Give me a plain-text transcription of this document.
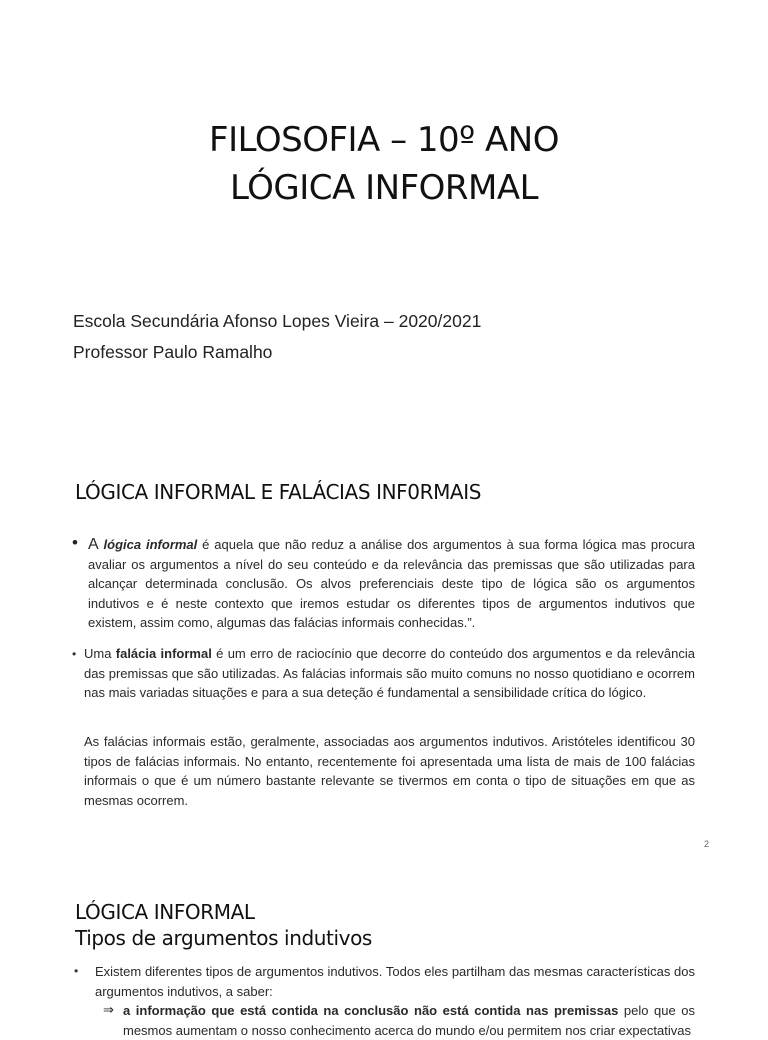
FILOSOFIA – 10º ANO
LÓGICA INFORMAL
Escola Secundária Afonso Lopes Vieira – 2020/2021
Professor Paulo Ramalho
LÓGICA INFORMAL E FALÁCIAS INF0RMAIS
• A lógica informal é aquela que não reduz a análise dos argumentos à sua forma lógica mas procura avaliar os argumentos a nível do seu conteúdo e da relevância das premissas que são utilizadas para alcançar determinada conclusão. Os alvos preferenciais deste tipo de lógica são os argumentos indutivos e é neste contexto que iremos estudar os diferentes tipos de argumentos indutivos que existem, assim como, algumas das falácias informais conhecidas.”.
• Uma falácia informal é um erro de raciocínio que decorre do conteúdo dos argumentos e da relevância das premissas que são utilizadas. As falácias informais são muito comuns no nosso quotidiano e ocorrem nas mais variadas situações e para a sua deteção é fundamental a sensibilidade crítica do lógico.
As falácias informais estão, geralmente, associadas aos argumentos indutivos. Aristóteles identificou 30 tipos de falácias informais. No entanto, recentemente foi apresentada uma lista de mais de 100 falácias informais o que é um número bastante relevante se tivermos em conta o tipo de situações em que as mesmas ocorrem.
2
LÓGICA INFORMAL
Tipos de argumentos indutivos
• Existem diferentes tipos de argumentos indutivos. Todos eles partilham das mesmas características dos argumentos indutivos, a saber:
⇒ a informação que está contida na conclusão não está contida nas premissas pelo que os mesmos aumentam o nosso conhecimento acerca do mundo e/ou permitem nos criar expectativas
